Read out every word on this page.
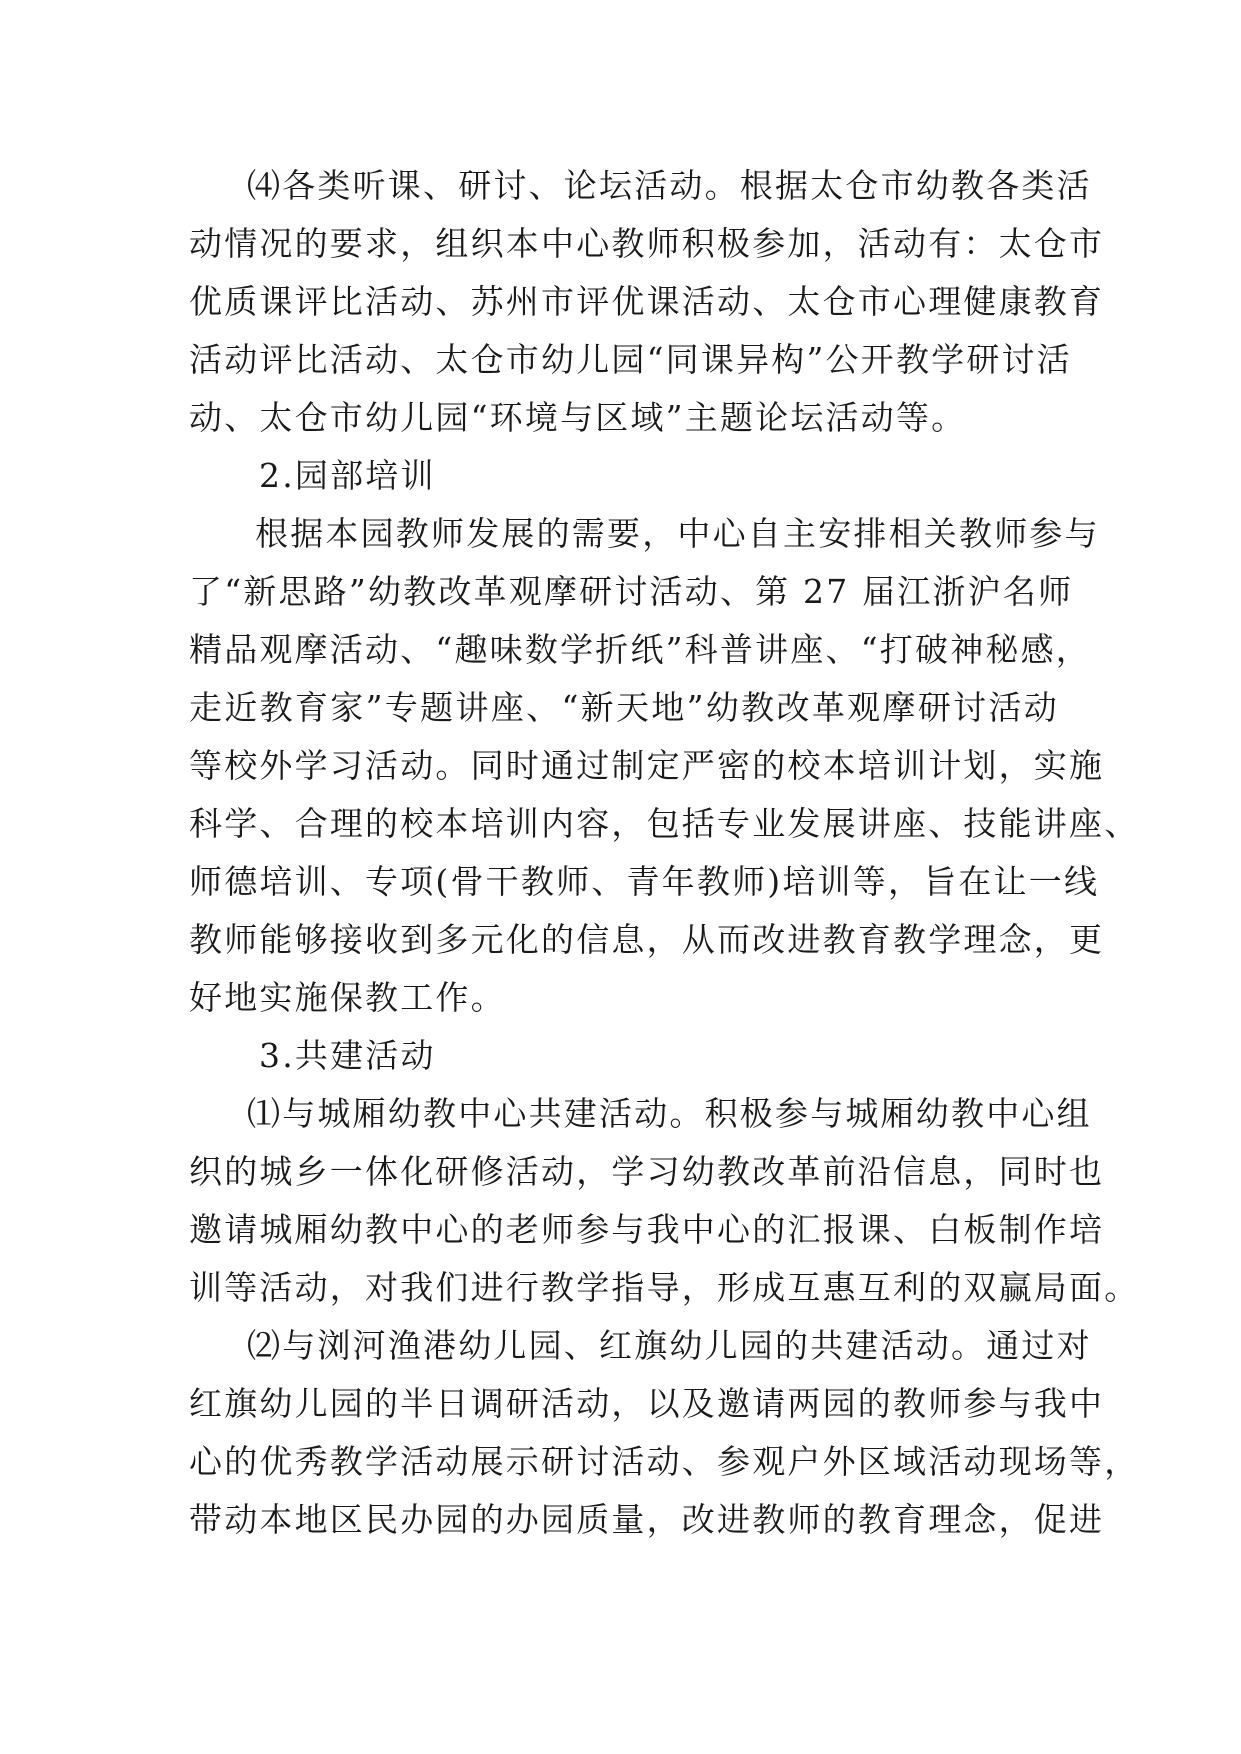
⑷各类听课、研讨、论坛活动。根据太仓市幼教各类活
动情况的要求，组织本中心教师积极参加，活动有：太仓市
优质课评比活动、苏州市评优课活动、太仓市心理健康教育
活动评比活动、太仓市幼儿园“同课异构”公开教学研讨活
动、太仓市幼儿园“环境与区域”主题论坛活动等。
2.园部培训
根据本园教师发展的需要，中心自主安排相关教师参与
了“新思路”幼教改革观摩研讨活动、第 27 届江浙沪名师
精品观摩活动、“趣味数学折纸”科普讲座、“打破神秘感，
走近教育家”专题讲座、“新天地”幼教改革观摩研讨活动
等校外学习活动。同时通过制定严密的校本培训计划，实施
科学、合理的校本培训内容，包括专业发展讲座、技能讲座、
师德培训、专项(骨干教师、青年教师)培训等，旨在让一线
教师能够接收到多元化的信息，从而改进教育教学理念，更
好地实施保教工作。
3.共建活动
⑴与城厢幼教中心共建活动。积极参与城厢幼教中心组
织的城乡一体化研修活动，学习幼教改革前沿信息，同时也
邀请城厢幼教中心的老师参与我中心的汇报课、白板制作培
训等活动，对我们进行教学指导，形成互惠互利的双赢局面。
⑵与浏河渔港幼儿园、红旗幼儿园的共建活动。通过对
红旗幼儿园的半日调研活动，以及邀请两园的教师参与我中
心的优秀教学活动展示研讨活动、参观户外区域活动现场等，
带动本地区民办园的办园质量，改进教师的教育理念，促进
